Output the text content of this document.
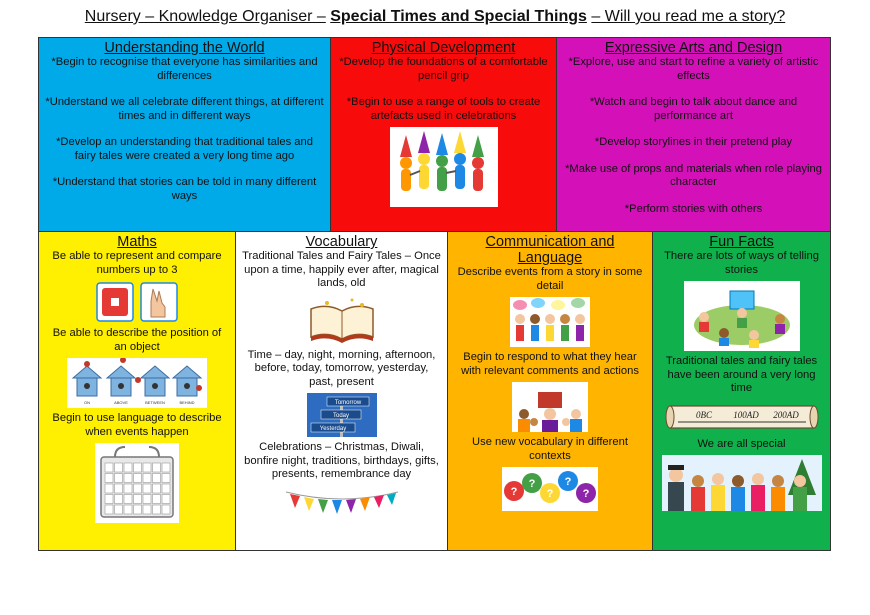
Nursery – Knowledge Organiser – Special Times and Special Things – Will you read me a story?
Understanding the World

*Begin to recognise that everyone has similarities and differences

*Understand we all celebrate different things, at different times and in different ways

*Develop an understanding that traditional tales and fairy tales were created a very long time ago

*Understand that stories can be told in many different ways

Physical Development

*Develop the foundations of a comfortable pencil grip

*Begin to use a range of tools to create artefacts used in celebrations

Expressive Arts and Design

*Explore, use and start to refine a variety of artistic effects

*Watch and begin to talk about dance and performance art

*Develop storylines in their pretend play

*Make use of props and materials when role playing character

*Perform stories with others

Maths

Be able to represent and compare numbers up to 3

Be able to describe the position of an object

ON	ABOVE	BETWEEN	BEHIND

Begin to use language to describe when events happen

Vocabulary

Traditional Tales and Fairy Tales – Once upon a time, happily ever after, magical lands, old

Time – day, night, morning, afternoon, before, today, tomorrow, yesterday, past, present

Tomorrow
Today
Yesterday

Celebrations – Christmas, Diwali, bonfire night, traditions, birthdays, gifts, presents, remembrance day

Communication and Language

Describe events from a story in some detail

Begin to respond to what they hear with relevant comments and actions

Use new vocabulary in different contexts

?
?
?
?
?
Fun Facts

There are lots of ways of telling stories

Traditional tales and fairy tales have been around a very long time

0BC 100AD 200AD

We are all special
